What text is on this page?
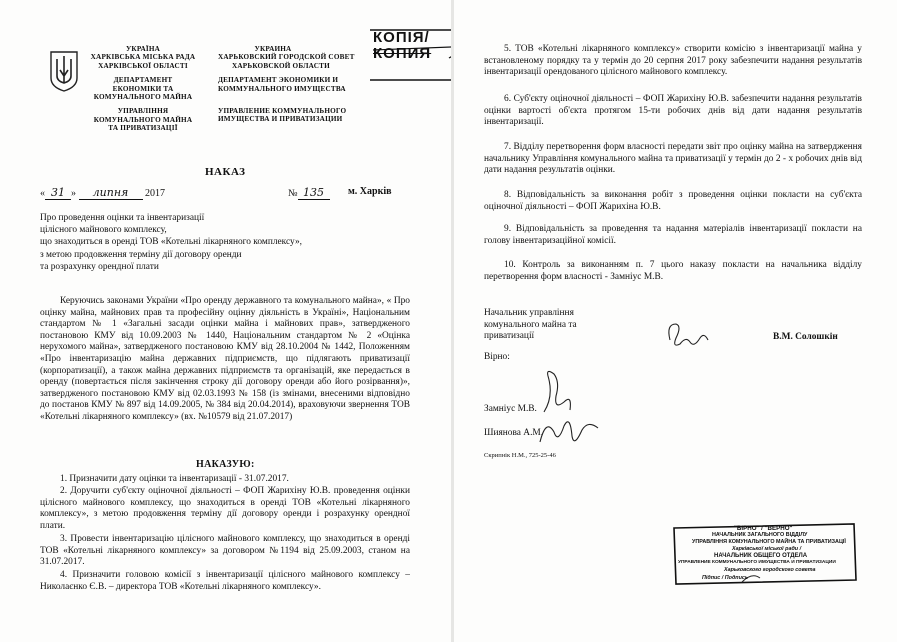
УКРАЇНА
ХАРКІВСЬКА МІСЬКА РАДА
ХАРКІВСЬКОЇ ОБЛАСТІ
ДЕПАРТАМЕНТ
ЕКОНОМІКИ ТА
КОМУНАЛЬНОГО МАЙНА
УПРАВЛІННЯ
КОМУНАЛЬНОГО МАЙНА
ТА ПРИВАТИЗАЦІЇ
УКРАИНА
ХАРЬКОВСКИЙ ГОРОДСКОЙ СОВЕТ
ХАРЬКОВСКОЙ ОБЛАСТИ
ДЕПАРТАМЕНТ ЭКОНОМИКИ И
КОММУНАЛЬНОГО ИМУЩЕСТВА
УПРАВЛЕНИЕ КОММУНАЛЬНОГО
ИМУЩЕСТВА И ПРИВАТИЗАЦИИ
КОПІЯ/
КОПИЯ
НАКАЗ
« 31 » липня 2017	№ 135	м. Харків
Про проведення оцінки та інвентаризації
цілісного майнового комплексу,
що знаходиться в оренді ТОВ «Котельні лікарняного комплексу»,
з метою продовження терміну дії договору оренди
та розрахунку орендної плати
Керуючись законами України «Про оренду державного та комунального майна», « Про оцінку майна, майнових прав та професійну оцінну діяльність в Україні», Національним стандартом № 1 «Загальні засади оцінки майна і майнових прав», затвердженого постановою КМУ від 10.09.2003 № 1440, Національним стандартом № 2 «Оцінка нерухомого майна», затвердженого постановою КМУ від 28.10.2004 № 1442, Положенням «Про інвентаризацію майна державних підприємств, що підлягають приватизації (корпоратизації), а також майна державних підприємств та організацій, яке передається в оренду (повертається після закінчення строку дії договору оренди або його розірвання)», затвердженого постановою КМУ від 02.03.1993 № 158 (із змінами, внесеними відповідно до постанов КМУ № 897 від 14.09.2005, № 384 від 20.04.2014), враховуючи звернення ТОВ «Котельні лікарняного комплексу» (вх. №10579 від 21.07.2017)
НАКАЗУЮ:
1. Призначити дату оцінки та інвентаризації - 31.07.2017.
2. Доручити суб'єкту оціночної діяльності – ФОП Жарихіну Ю.В. проведення оцінки цілісного майнового комплексу, що знаходиться в оренді ТОВ «Котельні лікарняного комплексу», з метою продовження терміну дії договору оренди і розрахунку орендної плати.
3. Провести інвентаризацію цілісного майнового комплексу, що знаходиться в оренді ТОВ «Котельні лікарняного комплексу» за договором №1194 від 25.09.2003, станом на 31.07.2017.
4. Призначити головою комісії з інвентаризації цілісного майнового комплексу – Николаєнко Є.В. – директора ТОВ «Котельні лікарняного комплексу».
5. ТОВ «Котельні лікарняного комплексу» створити комісію з інвентаризації майна у встановленому порядку та у термін до 20 серпня 2017 року забезпечити надання результатів інвентаризації орендованого цілісного майнового комплексу.
6. Суб'єкту оціночної діяльності – ФОП Жарихіну Ю.В. забезпечити надання результатів оцінки вартості об'єкта протягом 15-ти робочих днів від дати надання результатів інвентаризації.
7. Відділу перетворення форм власності передати звіт про оцінку майна на затвердження начальнику Управління комунального майна та приватизації у термін до 2 - х робочих днів від дати надання результатів оцінки.
8. Відповідальність за виконання робіт з проведення оцінки покласти на суб'єкта оціночної діяльності – ФОП Жарихіна Ю.В.
9. Відповідальність за проведення та надання матеріалів інвентаризації покласти на голову інвентаризаційної комісії.
10. Контроль за виконанням п. 7 цього наказу покласти на начальника відділу перетворення форм власності - Замніус М.В.
Начальник управління
комунального майна та
приватизації	В.М. Солошкін
Вірно:
Замніус М.В.
Шиянова А.М.
Скрипнік Н.М., 725-25-46
"ВІРНО" / "ВЕРНО"
НАЧАЛЬНИК ЗАГАЛЬНОГО ВІДДІЛУ
УПРАВЛІННЯ КОМУНАЛЬНОГО МАЙНА ТА ПРИВАТИЗАЦІЇ
Харківської міської ради /
НАЧАЛЬНИК ОБЩЕГО ОТДЕЛА
УПРАВЛЕНИЕ КОММУНАЛЬНОГО ИМУЩЕСТВА И ПРИВАТИЗАЦИИ
Харьковского городского совета
Підпис / Подпись
